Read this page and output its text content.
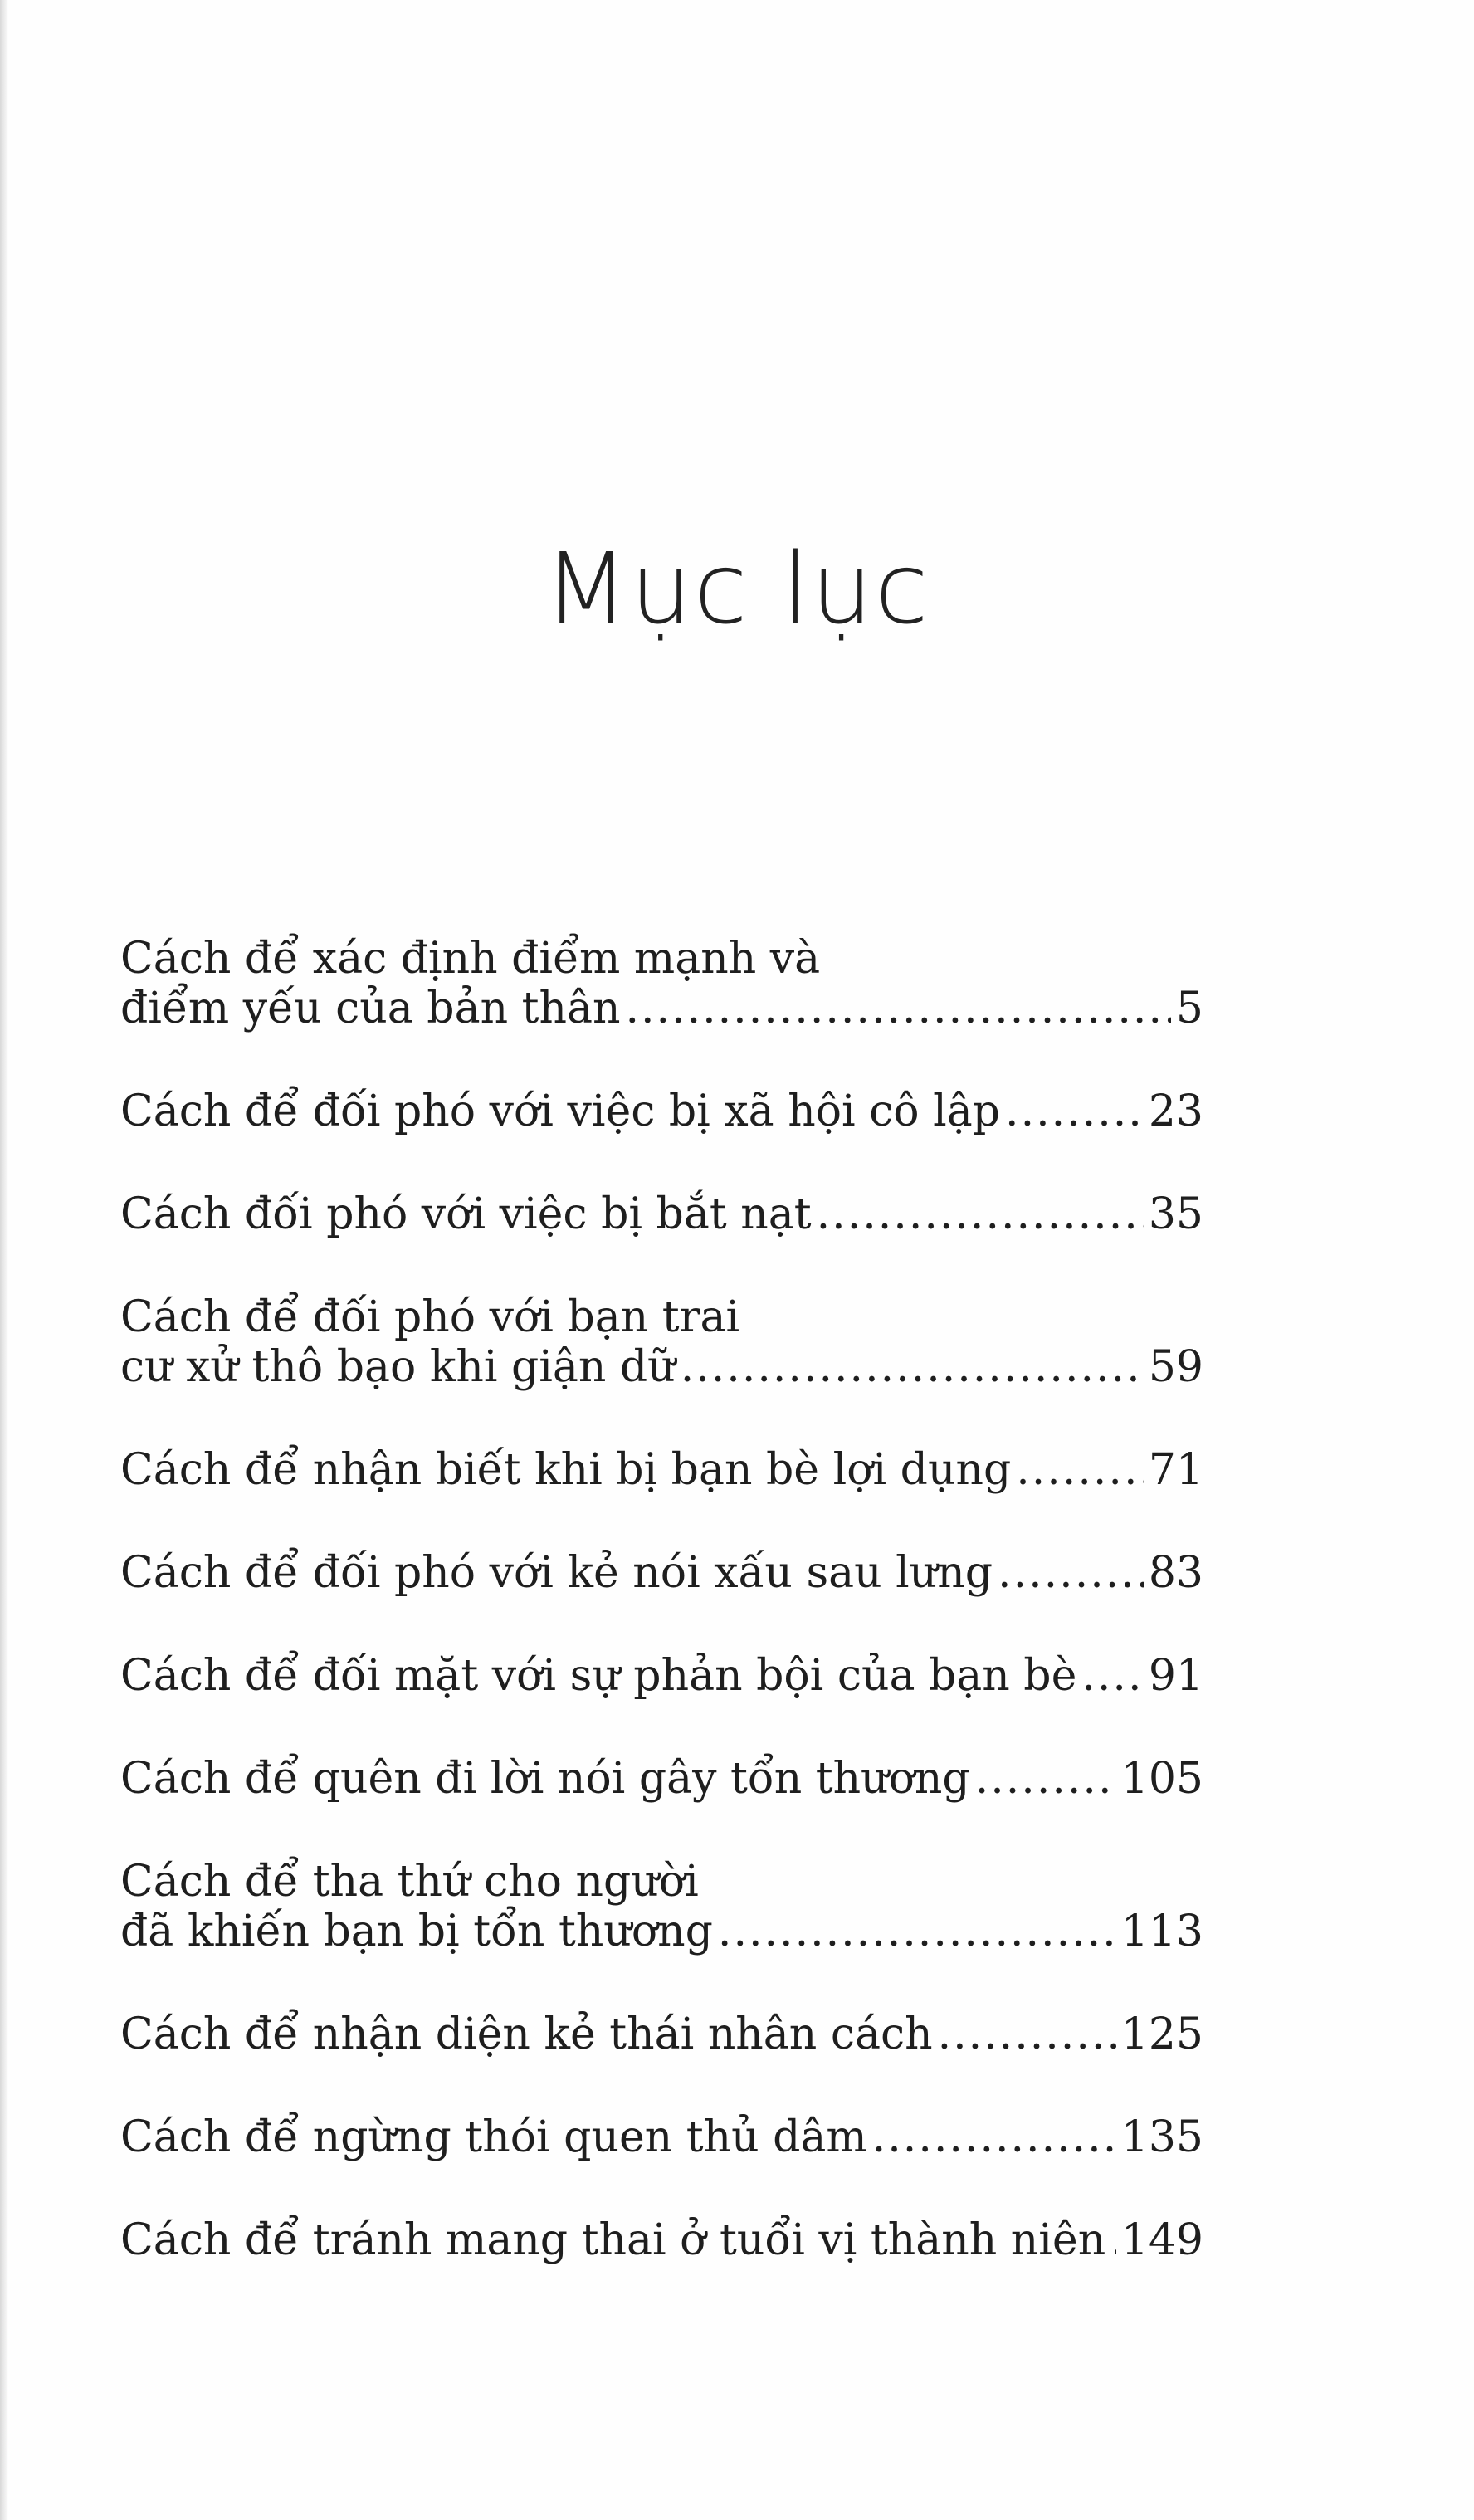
Mục lục
Cách để xác định điểm mạnh và
điểm yếu của bản thân .....	5
Cách để đối phó với việc bị xã hội cô lập .....	23
Cách đối phó với việc bị bắt nạt .....	35
Cách để đối phó với bạn trai
cư xử thô bạo khi giận dữ .....	59
Cách để nhận biết khi bị bạn bè lợi dụng .....	71
Cách để đối phó với kẻ nói xấu sau lưng .....	83
Cách để đối mặt với sự phản bội của bạn bè ..... 91
Cách để quên đi lời nói gây tổn thương .....	105
Cách để tha thứ cho người
đã khiến bạn bị tổn thương .....	113
Cách để nhận diện kẻ thái nhân cách .....	125
Cách để ngừng thói quen thủ dâm .....	135
Cách để tránh mang thai ở tuổi vị thành niên ..... 149
